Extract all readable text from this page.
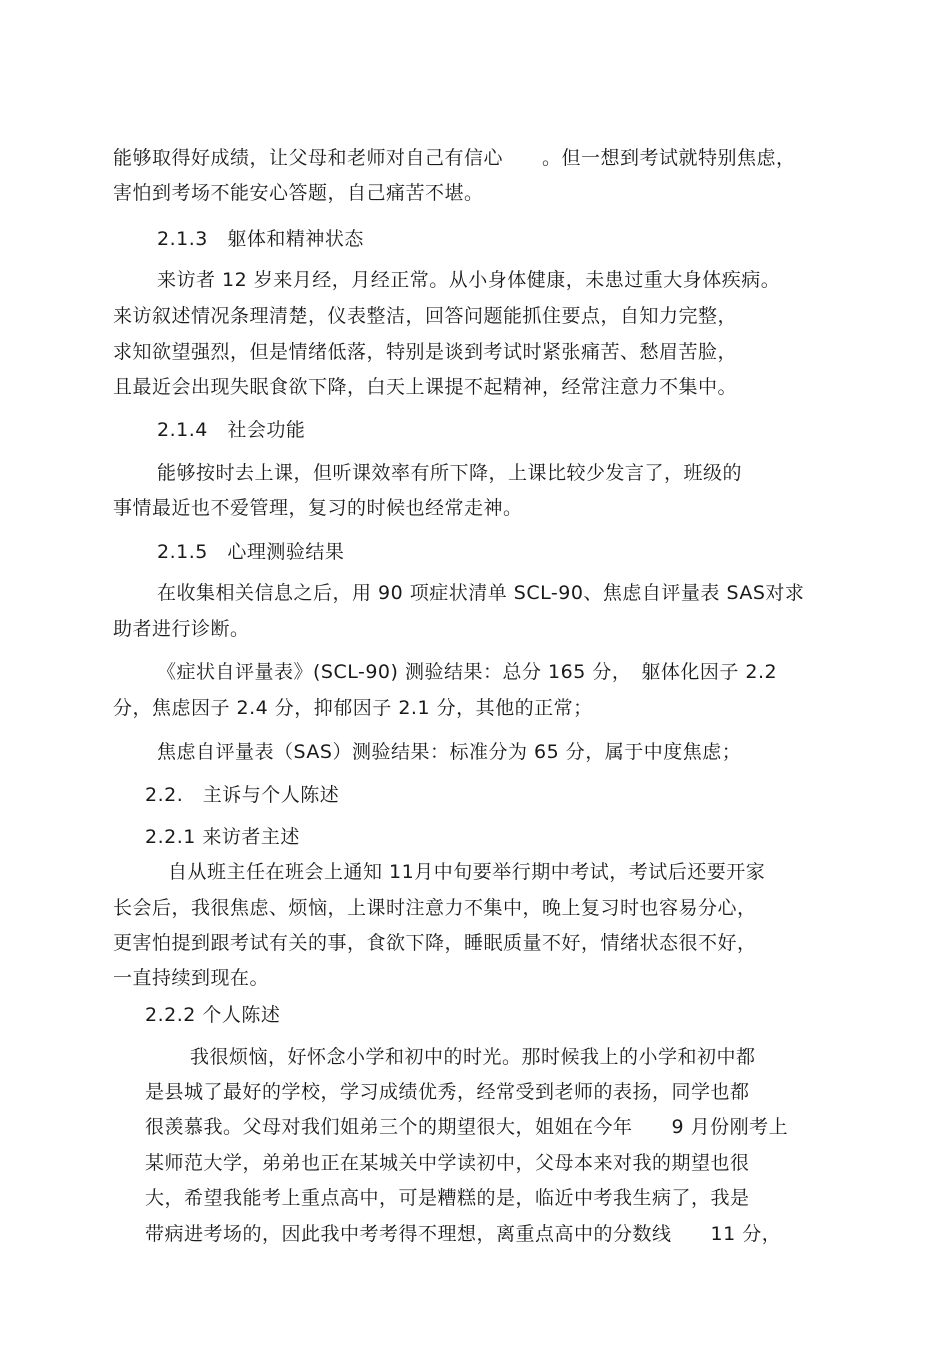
能够取得好成绩，让父母和老师对自己有信心　　。但一想到考试就特别焦虑，
害怕到考场不能安心答题，自己痛苦不堪。
2.1.3　躯体和精神状态
来访者 12 岁来月经，月经正常。从小身体健康，未患过重大身体疾病。
来访叙述情况条理清楚，仪表整洁，回答问题能抓住要点，自知力完整，
求知欲望强烈，但是情绪低落，特别是谈到考试时紧张痛苦、愁眉苦脸，
且最近会出现失眠食欲下降，白天上课提不起精神，经常注意力不集中。
2.1.4　社会功能
能够按时去上课，但听课效率有所下降，上课比较少发言了，班级的
事情最近也不爱管理，复习的时候也经常走神。
2.1.5　心理测验结果
在收集相关信息之后，用 90 项症状清单 SCL-90、焦虑自评量表 SAS对求
助者进行诊断。
《症状自评量表》(SCL-90) 测验结果：总分 165 分，　躯体化因子 2.2
分，焦虑因子 2.4 分，抑郁因子 2.1 分，其他的正常；
焦虑自评量表（SAS）测验结果：标准分为 65 分，属于中度焦虑；
2.2.　主诉与个人陈述
2.2.1 来访者主述
自从班主任在班会上通知 11月中旬要举行期中考试，考试后还要开家
长会后，我很焦虑、烦恼，上课时注意力不集中，晚上复习时也容易分心，
更害怕提到跟考试有关的事，食欲下降，睡眠质量不好，情绪状态很不好，
一直持续到现在。
2.2.2 个人陈述
我很烦恼，好怀念小学和初中的时光。那时候我上的小学和初中都
是县城了最好的学校，学习成绩优秀，经常受到老师的表扬，同学也都
很羡慕我。父母对我们姐弟三个的期望很大，姐姐在今年　　9 月份刚考上
某师范大学，弟弟也正在某城关中学读初中，父母本来对我的期望也很
大，希望我能考上重点高中，可是糟糕的是，临近中考我生病了，我是
带病进考场的，因此我中考考得不理想，离重点高中的分数线　　11 分，
